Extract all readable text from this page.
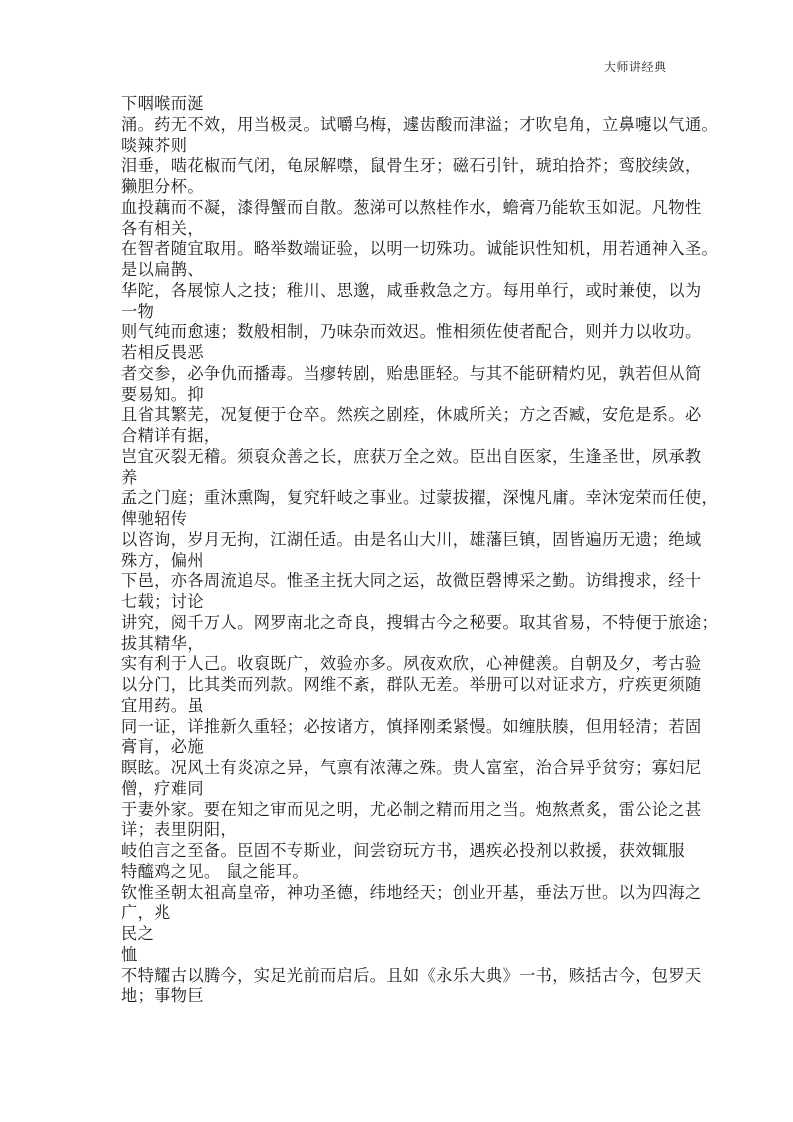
大师讲经典
下咽喉而涎
涌。药无不效，用当极灵。试嚼乌梅，遽齿酸而津溢；才吹皂角，立鼻嚏以气通。
啖辣芥则
泪垂，啮花椒而气闭，龟尿解噤，鼠骨生牙；磁石引针，琥珀拾芥；鸾胶续敛，
獭胆分杯。
血投藕而不凝，漆得蟹而自散。葱涕可以熬桂作水，蟾膏乃能软玉如泥。凡物性
各有相关，
在智者随宜取用。略举数端证验，以明一切殊功。诚能识性知机，用若通神入圣。
是以扁鹊、
华陀，各展惊人之技；稚川、思邈，咸垂救急之方。每用单行，或时兼使，以为
一物
则气纯而愈速；数般相制，乃味杂而效迟。惟相须佐使者配合，则并力以收功。
若相反畏恶
者交参，必争仇而播毒。当瘳转剧，贻患匪轻。与其不能研精灼见，孰若但从简
要易知。抑
且省其繁芜，况复便于仓卒。然疾之剧痊，休戚所关；方之否臧，安危是系。必
合精详有据，
岂宜灭裂无稽。须裒众善之长，庶获万全之效。臣出自医家，生逢圣世，夙承教
养
孟之门庭；重沐熏陶，复究轩岐之事业。过蒙拔擢，深愧凡庸。幸沐宠荣而任使，
俾驰轺传
以咨询，岁月无拘，江湖任适。由是名山大川，雄藩巨镇，固皆遍历无遗；绝域
殊方，偏州
下邑，亦各周流追尽。惟圣主抚大同之运，故微臣磬博采之勤。访缉搜求，经十
七载；讨论
讲究，阅千万人。网罗南北之奇良，搜辑古今之秘要。取其省易，不特便于旅途；
拔其精华，
实有利于人己。收裒既广，效验亦多。夙夜欢欣，心神健羡。自朝及夕，考古验
以分门，比其类而列款。网维不紊，群队无差。举册可以对证求方，疗疾更须随
宜用药。虽
同一证，详推新久重轻；必按诸方，慎择刚柔紧慢。如缠肤腠，但用轻清；若固
膏肓，必施
瞑眩。况风土有炎凉之异，气禀有浓薄之殊。贵人富室，治合异乎贫穷；寡妇尼
僧，疗难同
于妻外家。要在知之审而见之明，尤必制之精而用之当。炮熬煮炙，雷公论之甚
详；表里阴阳，
岐伯言之至备。臣固不专斯业，间尝窃玩方书，遇疾必投剂以救援，获效辄服
特醯鸡之见。 鼠之能耳。
钦惟圣朝太祖高皇帝，神功圣德，纬地经天；创业开基，垂法万世。以为四海之
广，兆
民之
恤
不特耀古以腾今，实足光前而启后。且如《永乐大典》一书，赅括古今，包罗天
地；事物巨
